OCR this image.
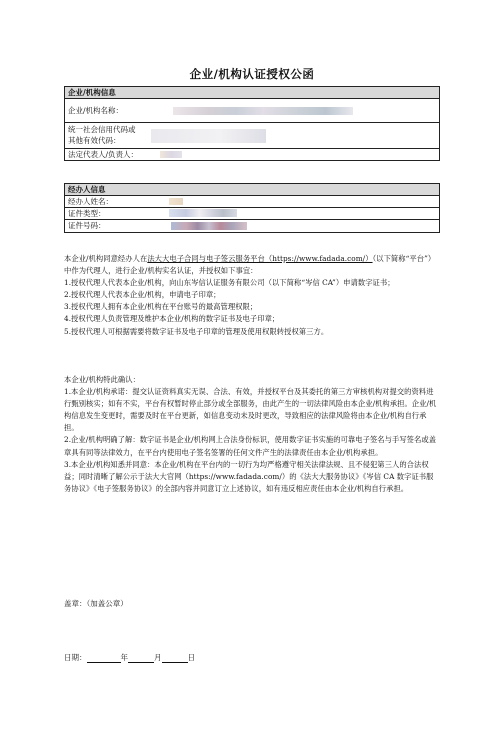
企业/机构认证授权公函
企业/机构信息
企业/机构名称：
统一社会信用代码或
其他有效代码：
法定代表人/负责人：
经办人信息
经办人姓名：
证件类型：
证件号码：

本企业/机构同意经办人在法大大电子合同与电子签云服务平台（https://www.fadada.com/）（以下简称“平台”）中作为代理人，进行企业/机构实名认证，并授权如下事宜：

1.授权代理人代表本企业/机构，向山东岑信认证服务有限公司（以下简称“岑信 CA”）申请数字证书；

2.授权代理人代表本企业/机构，申请电子印章；

3.授权代理人拥有本企业/机构在平台账号的最高管理权限；

4.授权代理人负责管理及维护本企业/机构的数字证书及电子印章；

5.授权代理人可根据需要将数字证书及电子印章的管理及使用权限转授权第三方。

本企业/机构特此确认：

1.本企业/机构承诺：提交认证资料真实无误、合法、有效，并授权平台及其委托的第三方审核机构对提交的资料进行甄别核实；如有不实，平台有权暂时停止部分或全部服务，由此产生的一切法律风险由本企业/机构承担。企业/机构信息发生变更时，需要及时在平台更新，如信息变动未及时更改，导致相应的法律风险将由本企业/机构自行承担。

2.企业/机构明确了解：数字证书是企业/机构网上合法身份标识，使用数字证书实施的可靠电子签名与手写签名或盖章具有同等法律效力，在平台内使用电子签名签署的任何文件产生的法律责任由本企业/机构承担。

3.本企业/机构知悉并同意：本企业/机构在平台内的一切行为均严格遵守相关法律法规、且不侵犯第三人的合法权益；同时清晰了解公示于法大大官网（https://www.fadada.com/）的《法大大服务协议》《岑信 CA 数字证书服务协议》《电子签服务协议》的全部内容并同意订立上述协议，如有违反相应责任由本企业/机构自行承担。

盖章：（加盖公章）
日期：	年	月	日
